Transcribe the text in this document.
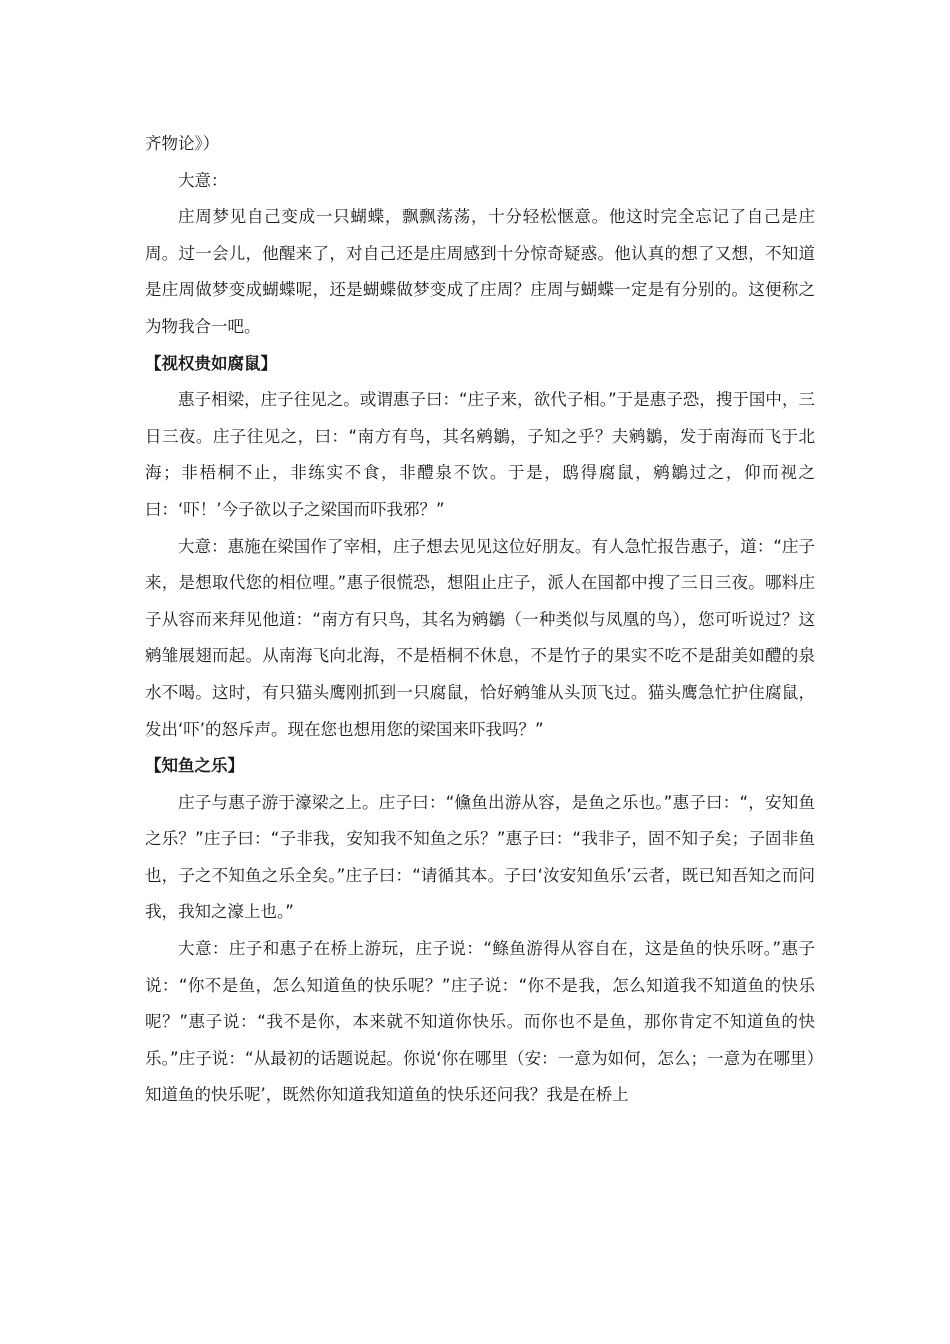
齐物论》）

大意：

庄周梦见自己变成一只蝴蝶，飘飘荡荡，十分轻松惬意。他这时完全忘记了自己是庄周。过一会儿，他醒来了，对自己还是庄周感到十分惊奇疑惑。他认真的想了又想，不知道是庄周做梦变成蝴蝶呢，还是蝴蝶做梦变成了庄周？庄周与蝴蝶一定是有分别的。这便称之为物我合一吧。

【视权贵如腐鼠】

惠子相梁，庄子往见之。或谓惠子曰：“庄子来，欲代子相。”于是惠子恐，搜于国中，三日三夜。庄子往见之，曰：“南方有鸟，其名鹓鶵，子知之乎？夫鹓鶵，发于南海而飞于北海；非梧桐不止，非练实不食，非醴泉不饮。于是，鸱得腐鼠，鹓鶵过之，仰而视之曰：‘吓！’今子欲以子之梁国而吓我邪？”

大意：惠施在梁国作了宰相，庄子想去见见这位好朋友。有人急忙报告惠子，道：“庄子来，是想取代您的相位哩。”惠子很慌恐，想阻止庄子，派人在国都中搜了三日三夜。哪料庄子从容而来拜见他道：“南方有只鸟，其名为鹓鶵（一种类似与凤凰的鸟），您可听说过？这鹓雏展翅而起。从南海飞向北海，不是梧桐不休息，不是竹子的果实不吃不是甜美如醴的泉水不喝。这时，有只猫头鹰刚抓到一只腐鼠，恰好鹓雏从头顶飞过。猫头鹰急忙护住腐鼠，发出‘吓’的怒斥声。现在您也想用您的梁国来吓我吗？”

【知鱼之乐】

庄子与惠子游于濠梁之上。庄子曰：“儵鱼出游从容，是鱼之乐也。”惠子曰：“，安知鱼之乐？”庄子曰：“子非我，安知我不知鱼之乐？”惠子曰：“我非子，固不知子矣；子固非鱼也，子之不知鱼之乐全矣。”庄子曰：“请循其本。子曰‘汝安知鱼乐’云者，既已知吾知之而问我，我知之濠上也。”

大意：庄子和惠子在桥上游玩，庄子说：“鲦鱼游得从容自在，这是鱼的快乐呀。”惠子说：“你不是鱼，怎么知道鱼的快乐呢？”庄子说：“你不是我，怎么知道我不知道鱼的快乐呢？”惠子说：“我不是你，本来就不知道你快乐。而你也不是鱼，那你肯定不知道鱼的快乐。”庄子说：“从最初的话题说起。你说‘你在哪里（安：一意为如何，怎么；一意为在哪里）知道鱼的快乐呢’，既然你知道我知道鱼的快乐还问我？我是在桥上
